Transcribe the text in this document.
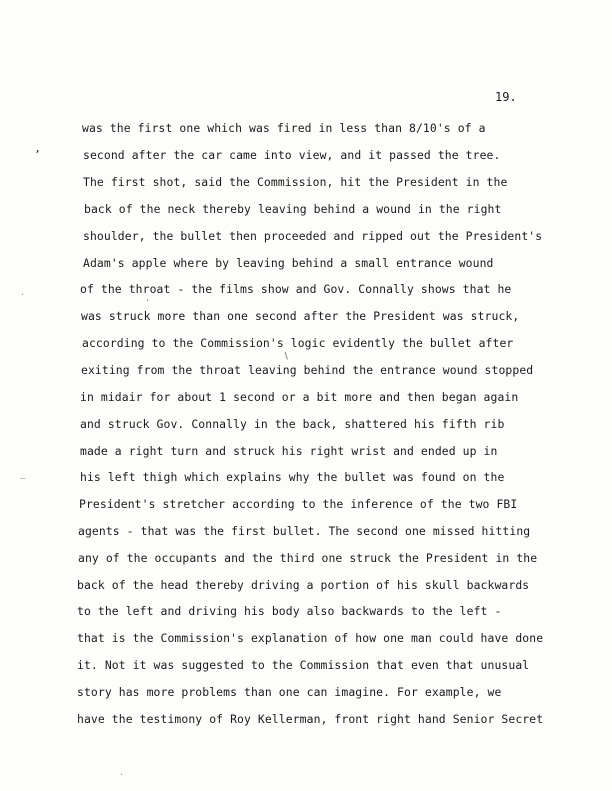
19.
was the first one which was fired in less than 8/10's of a
second after the car came into view, and it passed the tree.
The first shot, said the Commission, hit the President in the
back of the neck thereby leaving behind a wound in the right
shoulder, the bullet then proceeded and ripped out the President's
Adam's apple where by leaving behind a small entrance wound
of the throat - the films show and Gov. Connally shows that he
was struck more than one second after the President was struck,
according to the Commission's logic evidently the bullet after
exiting from the throat leaving behind the entrance wound stopped
in midair for about 1 second or a bit more and then began again
and struck Gov. Connally in the back, shattered his fifth rib
made a right turn and struck his right wrist and ended up in
his left thigh which explains why the bullet was found on the
President's stretcher according to the inference of the two FBI
agents - that was the first bullet. The second one missed hitting
any of the occupants and the third one struck the President in the
back of the head thereby driving a portion of his skull backwards
to the left and driving his body also backwards to the left -
that is the Commission's explanation of how one man could have done
it. Not it was suggested to the Commission that even that unusual
story has more problems than one can imagine. For example, we
have the testimony of Roy Kellerman, front right hand Senior Secret
’
·
·
∖
—
·
